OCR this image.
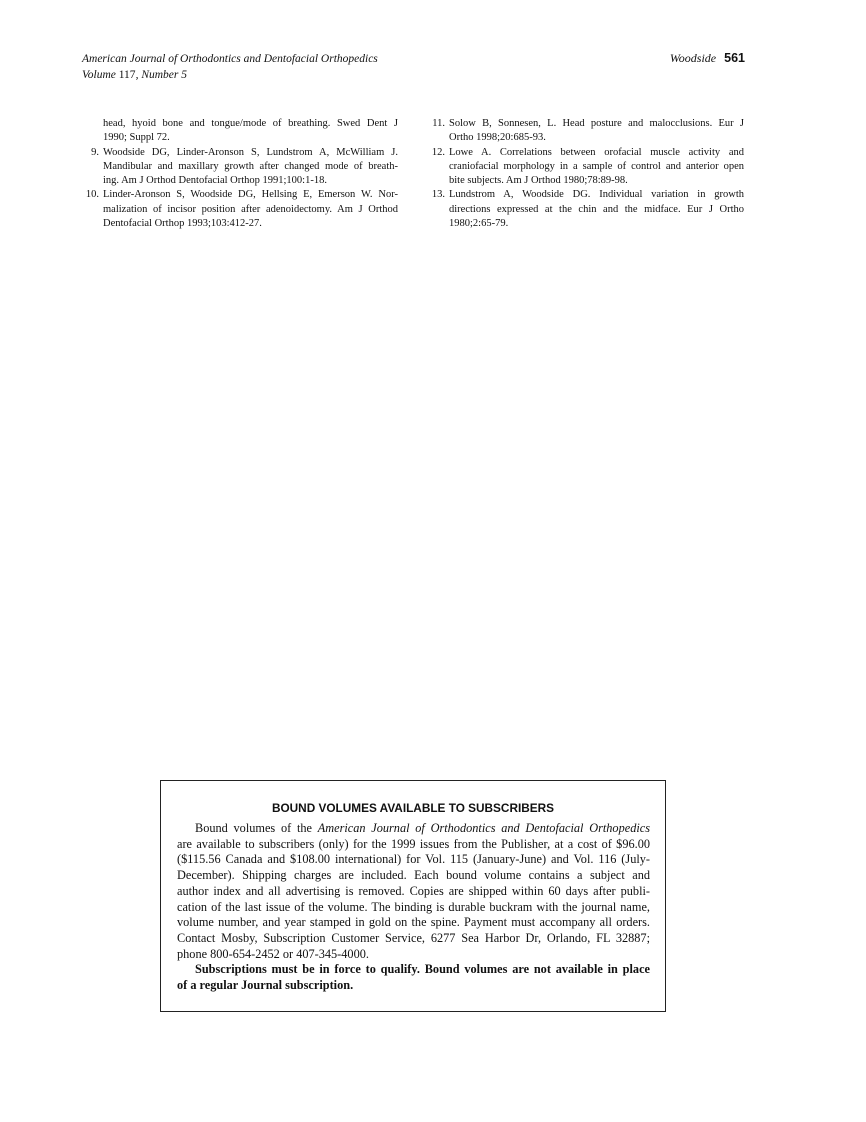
American Journal of Orthodontics and Dentofacial Orthopedics
Volume 117, Number 5
Woodside 561
head, hyoid bone and tongue/mode of breathing. Swed Dent J
1990; Suppl 72.
9. Woodside DG, Linder-Aronson S, Lundstrom A, McWilliam J.
Mandibular and maxillary growth after changed mode of breath-
ing. Am J Orthod Dentofacial Orthop 1991;100:1-18.
10. Linder-Aronson S, Woodside DG, Hellsing E, Emerson W. Nor-
malization of incisor position after adenoidectomy. Am J Orthod
Dentofacial Orthop 1993;103:412-27.
11. Solow B, Sonnesen, L. Head posture and malocclusions. Eur J
Ortho 1998;20:685-93.
12. Lowe A. Correlations between orofacial muscle activity and
craniofacial morphology in a sample of control and anterior open
bite subjects. Am J Orthod 1980;78:89-98.
13. Lundstrom A, Woodside DG. Individual variation in growth
directions expressed at the chin and the midface. Eur J Ortho
1980;2:65-79.
BOUND VOLUMES AVAILABLE TO SUBSCRIBERS
Bound volumes of the American Journal of Orthodontics and Dentofacial Orthopedics
are available to subscribers (only) for the 1999 issues from the Publisher, at a cost of $96.00
($115.56 Canada and $108.00 international) for Vol. 115 (January-June) and Vol. 116 (July-
December). Shipping charges are included. Each bound volume contains a subject and
author index and all advertising is removed. Copies are shipped within 60 days after publi-
cation of the last issue of the volume. The binding is durable buckram with the journal name,
volume number, and year stamped in gold on the spine. Payment must accompany all orders.
Contact Mosby, Subscription Customer Service, 6277 Sea Harbor Dr, Orlando, FL 32887;
phone 800-654-2452 or 407-345-4000.
Subscriptions must be in force to qualify. Bound volumes are not available in place
of a regular Journal subscription.
